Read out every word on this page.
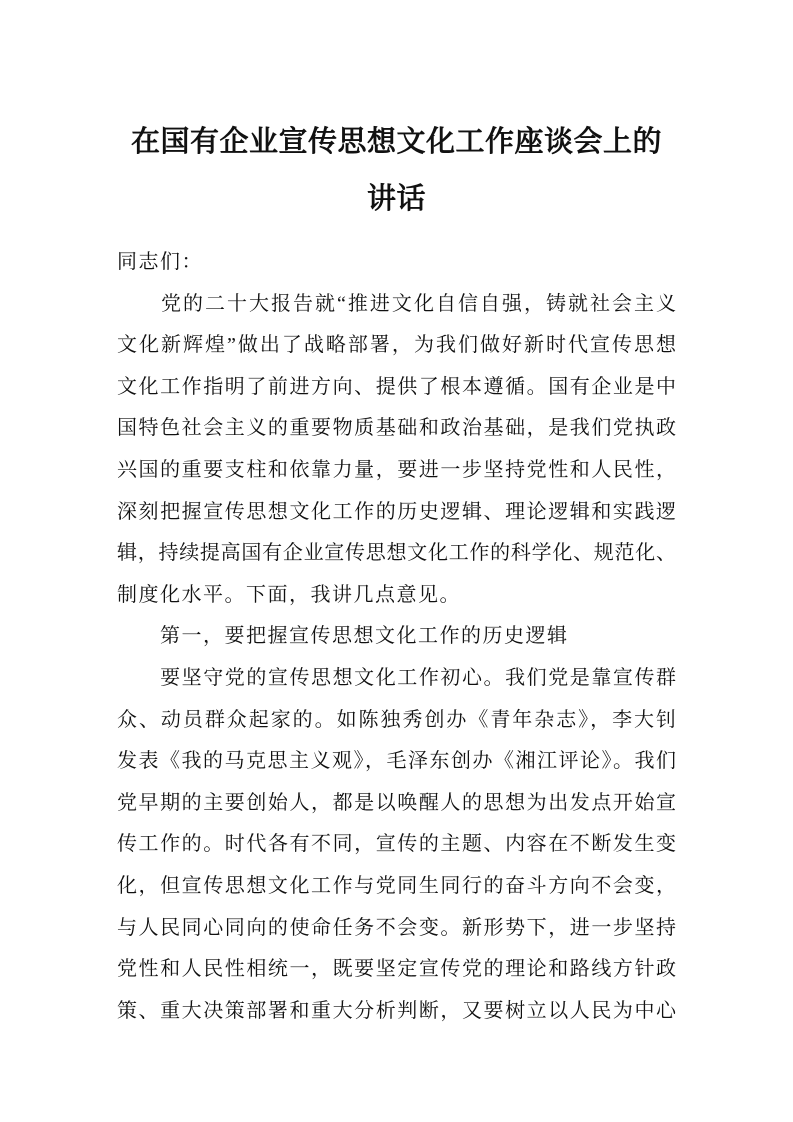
在国有企业宣传思想文化工作座谈会上的
讲话
同志们：
　　党的二十大报告就“推进文化自信自强，铸就社会主义
文化新辉煌”做出了战略部署，为我们做好新时代宣传思想
文化工作指明了前进方向、提供了根本遵循。国有企业是中
国特色社会主义的重要物质基础和政治基础，是我们党执政
兴国的重要支柱和依靠力量，要进一步坚持党性和人民性，
深刻把握宣传思想文化工作的历史逻辑、理论逻辑和实践逻
辑，持续提高国有企业宣传思想文化工作的科学化、规范化、
制度化水平。下面，我讲几点意见。
　　第一，要把握宣传思想文化工作的历史逻辑
　　要坚守党的宣传思想文化工作初心。我们党是靠宣传群
众、动员群众起家的。如陈独秀创办《青年杂志》，李大钊
发表《我的马克思主义观》，毛泽东创办《湘江评论》。我们
党早期的主要创始人，都是以唤醒人的思想为出发点开始宣
传工作的。时代各有不同，宣传的主题、内容在不断发生变
化，但宣传思想文化工作与党同生同行的奋斗方向不会变，
与人民同心同向的使命任务不会变。新形势下，进一步坚持
党性和人民性相统一，既要坚定宣传党的理论和路线方针政
策、重大决策部署和重大分析判断，又要树立以人民为中心
